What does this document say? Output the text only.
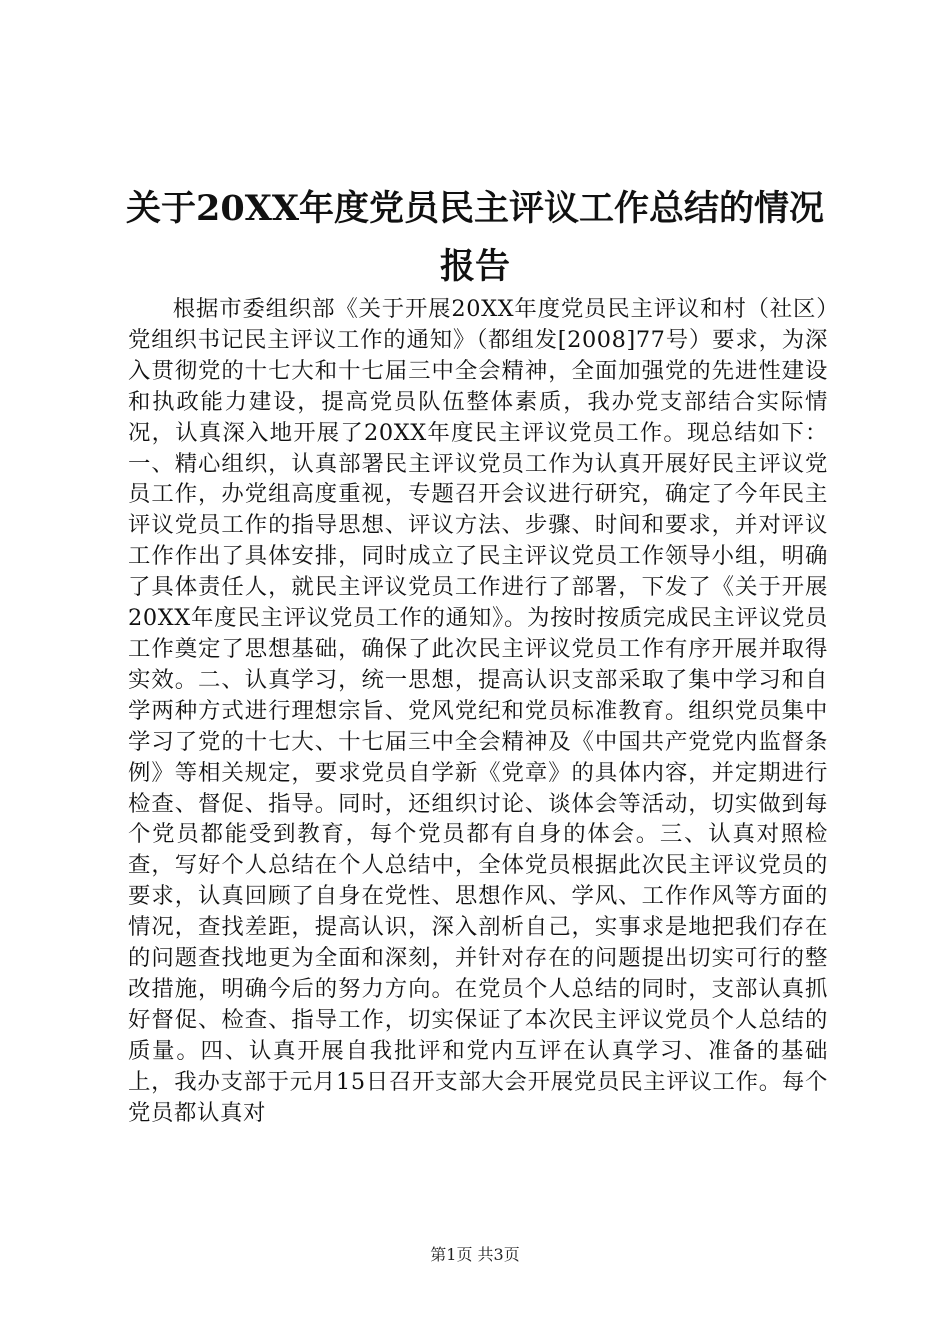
关于20XX年度党员民主评议工作总结的情况
报告

根据市委组织部《关于开展20XX年度党员民主评议和村（社区）党组织书记民主评议工作的通知》（都组发[2008]77号）要求，为深入贯彻党的十七大和十七届三中全会精神，全面加强党的先进性建设和执政能力建设，提高党员队伍整体素质，我办党支部结合实际情况，认真深入地开展了20XX年度民主评议党员工作。现总结如下：一、精心组织，认真部署民主评议党员工作为认真开展好民主评议党员工作，办党组高度重视，专题召开会议进行研究，确定了今年民主评议党员工作的指导思想、评议方法、步骤、时间和要求，并对评议工作作出了具体安排，同时成立了民主评议党员工作领导小组，明确了具体责任人，就民主评议党员工作进行了部署，下发了《关于开展20XX年度民主评议党员工作的通知》。为按时按质完成民主评议党员工作奠定了思想基础，确保了此次民主评议党员工作有序开展并取得实效。二、认真学习，统一思想，提高认识支部采取了集中学习和自学两种方式进行理想宗旨、党风党纪和党员标准教育。组织党员集中学习了党的十七大、十七届三中全会精神及《中国共产党党内监督条例》等相关规定，要求党员自学新《党章》的具体内容，并定期进行检查、督促、指导。同时，还组织讨论、谈体会等活动，切实做到每个党员都能受到教育，每个党员都有自身的体会。三、认真对照检查，写好个人总结在个人总结中，全体党员根据此次民主评议党员的要求，认真回顾了自身在党性、思想作风、学风、工作作风等方面的情况，查找差距，提高认识，深入剖析自己，实事求是地把我们存在的问题查找地更为全面和深刻，并针对存在的问题提出切实可行的整改措施，明确今后的努力方向。在党员个人总结的同时，支部认真抓好督促、检查、指导工作，切实保证了本次民主评议党员个人总结的质量。四、认真开展自我批评和党内互评在认真学习、准备的基础上，我办支部于元月15日召开支部大会开展党员民主评议工作。每个党员都认真对

第1页 共3页
